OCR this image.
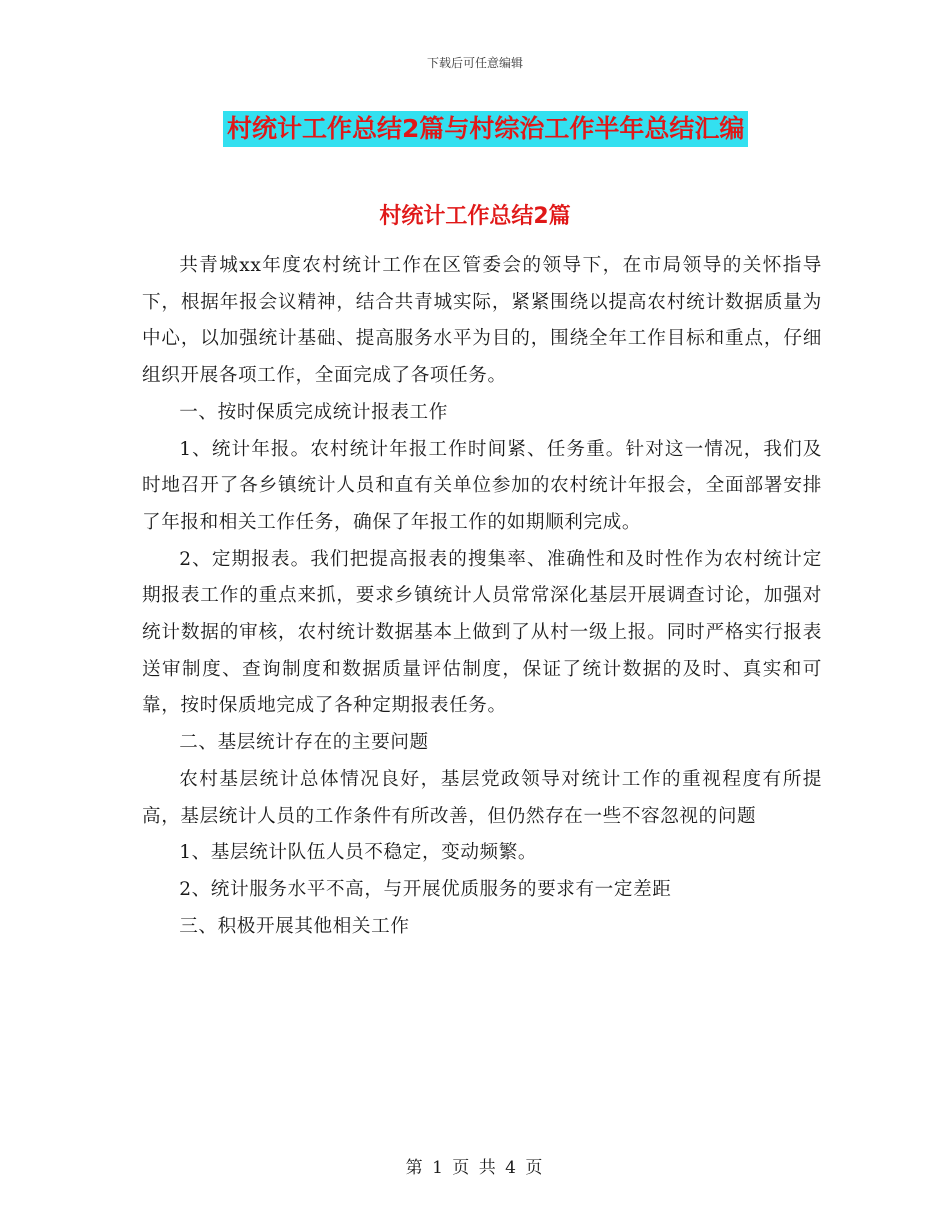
下载后可任意编辑
村统计工作总结2篇与村综治工作半年总结汇编
村统计工作总结2篇

共青城xx年度农村统计工作在区管委会的领导下，在市局领导的关怀指导下，根据年报会议精神，结合共青城实际，紧紧围绕以提高农村统计数据质量为中心，以加强统计基础、提高服务水平为目的，围绕全年工作目标和重点，仔细组织开展各项工作，全面完成了各项任务。

一、按时保质完成统计报表工作

1、统计年报。农村统计年报工作时间紧、任务重。针对这一情况，我们及时地召开了各乡镇统计人员和直有关单位参加的农村统计年报会，全面部署安排了年报和相关工作任务，确保了年报工作的如期顺利完成。

2、定期报表。我们把提高报表的搜集率、准确性和及时性作为农村统计定期报表工作的重点来抓，要求乡镇统计人员常常深化基层开展调查讨论，加强对统计数据的审核，农村统计数据基本上做到了从村一级上报。同时严格实行报表送审制度、查询制度和数据质量评估制度，保证了统计数据的及时、真实和可靠，按时保质地完成了各种定期报表任务。

二、基层统计存在的主要问题

农村基层统计总体情况良好，基层党政领导对统计工作的重视程度有所提高，基层统计人员的工作条件有所改善，但仍然存在一些不容忽视的问题

1、基层统计队伍人员不稳定，变动频繁。

2、统计服务水平不高，与开展优质服务的要求有一定差距

三、积极开展其他相关工作

第 1 页 共 4 页
